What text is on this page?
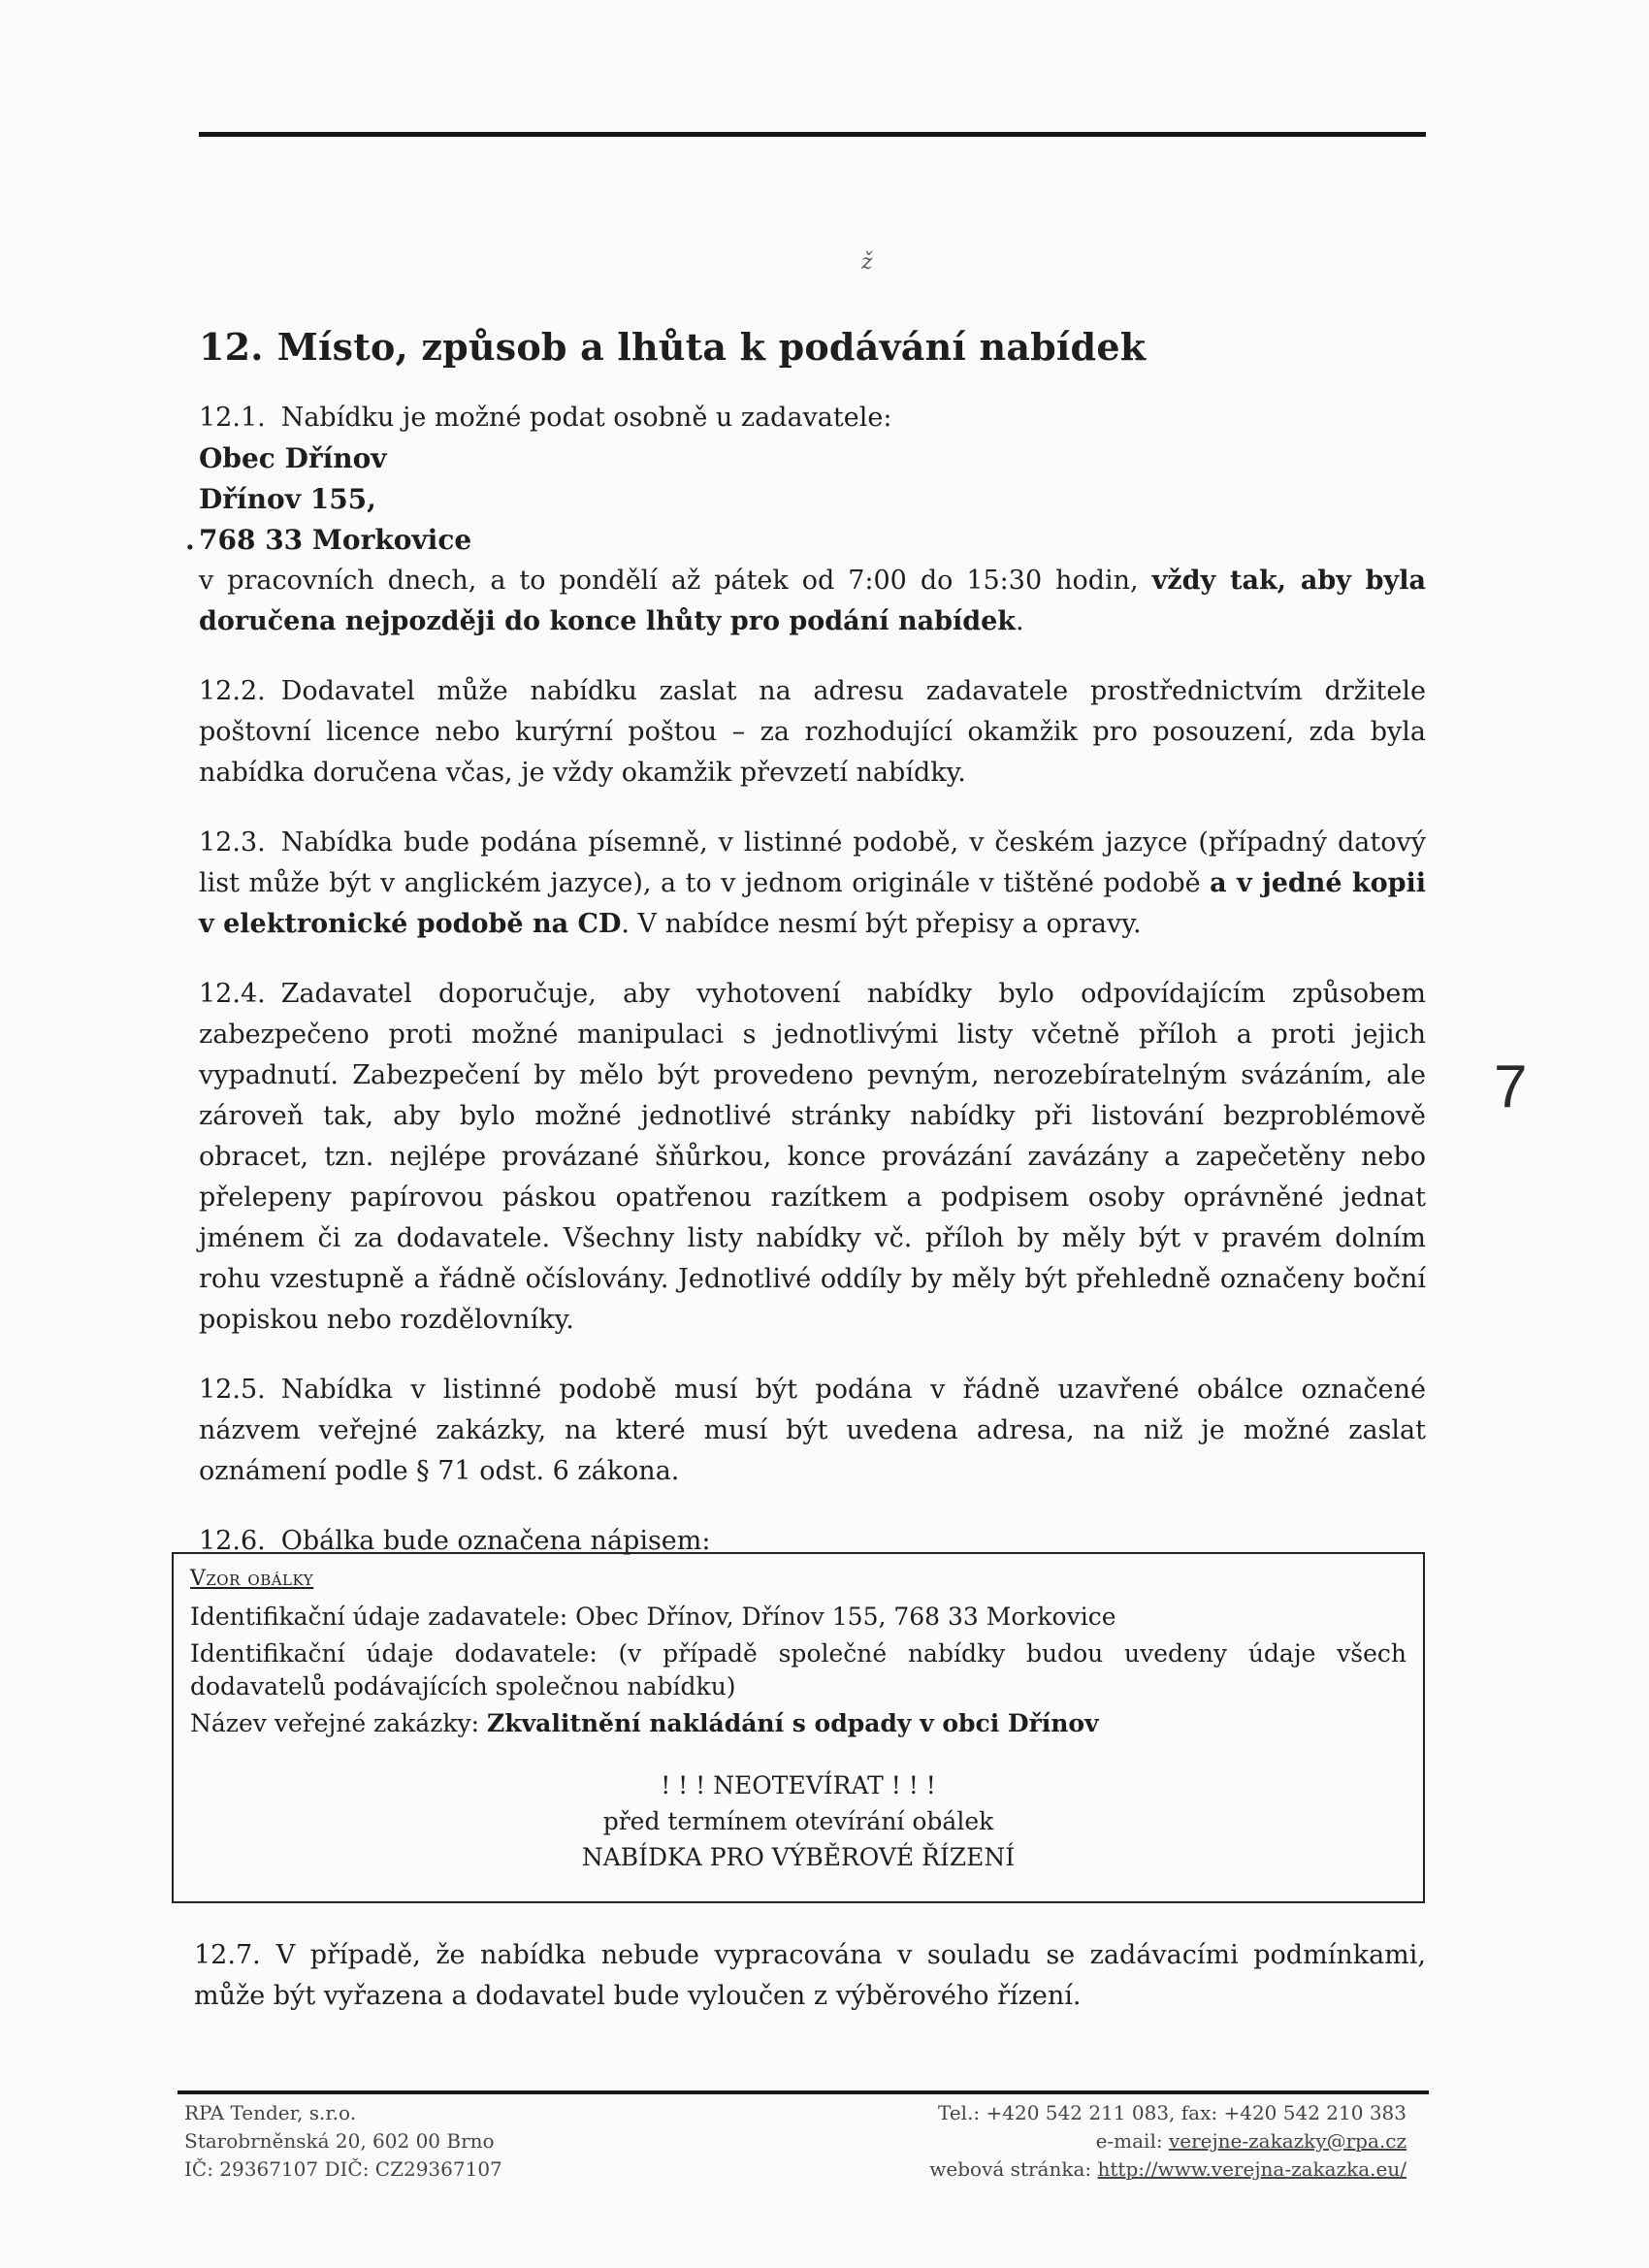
ž
7
12. Místo, způsob a lhůta k podávání nabídek

12.1. Nabídku je možné podat osobně u zadavatele:

Obec Dřínov
Dřínov 155,
. 768 33 Morkovice

v pracovních dnech, a to pondělí až pátek od 7:00 do 15:30 hodin, vždy tak, aby byla doručena nejpozději do konce lhůty pro podání nabídek.

12.2. Dodavatel může nabídku zaslat na adresu zadavatele prostřednictvím držitele poštovní licence nebo kurýrní poštou – za rozhodující okamžik pro posouzení, zda byla nabídka doručena včas, je vždy okamžik převzetí nabídky.

12.3. Nabídka bude podána písemně, v listinné podobě, v českém jazyce (případný datový list může být v anglickém jazyce), a to v jednom originále v tištěné podobě a v jedné kopii v elektronické podobě na CD. V nabídce nesmí být přepisy a opravy.

12.4. Zadavatel doporučuje, aby vyhotovení nabídky bylo odpovídajícím způsobem zabezpečeno proti možné manipulaci s jednotlivými listy včetně příloh a proti jejich vypadnutí. Zabezpečení by mělo být provedeno pevným, nerozebíratelným svázáním, ale zároveň tak, aby bylo možné jednotlivé stránky nabídky při listování bezproblémově obracet, tzn. nejlépe provázané šňůrkou, konce provázání zavázány a zapečetěny nebo přelepeny papírovou páskou opatřenou razítkem a podpisem osoby oprávněné jednat jménem či za dodavatele. Všechny listy nabídky vč. příloh by měly být v pravém dolním rohu vzestupně a řádně očíslovány. Jednotlivé oddíly by měly být přehledně označeny boční popiskou nebo rozdělovníky.

12.5. Nabídka v listinné podobě musí být podána v řádně uzavřené obálce označené názvem veřejné zakázky, na které musí být uvedena adresa, na niž je možné zaslat oznámení podle § 71 odst. 6 zákona.

12.6. Obálka bude označena nápisem:

Vzor obálky

Identifikační údaje zadavatele: Obec Dřínov, Dřínov 155, 768 33 Morkovice

Identifikační údaje dodavatele: (v případě společné nabídky budou uvedeny údaje všech dodavatelů podávajících společnou nabídku)

Název veřejné zakázky: Zkvalitnění nakládání s odpady v obci Dřínov

! ! ! NEOTEVÍRAT ! ! !
před termínem otevírání obálek
NABÍDKA PRO VÝBĚROVÉ ŘÍZENÍ

12.7. V případě, že nabídka nebude vypracována v souladu se zadávacími podmínkami, může být vyřazena a dodavatel bude vyloučen z výběrového řízení.

RPA Tender, s.r.o.
Starobrněnská 20, 602 00 Brno
IČ: 29367107 DIČ: CZ29367107
Tel.: +420 542 211 083, fax: +420 542 210 383
e-mail: verejne-zakazky@rpa.cz
webová stránka: http://www.verejna-zakazka.eu/
